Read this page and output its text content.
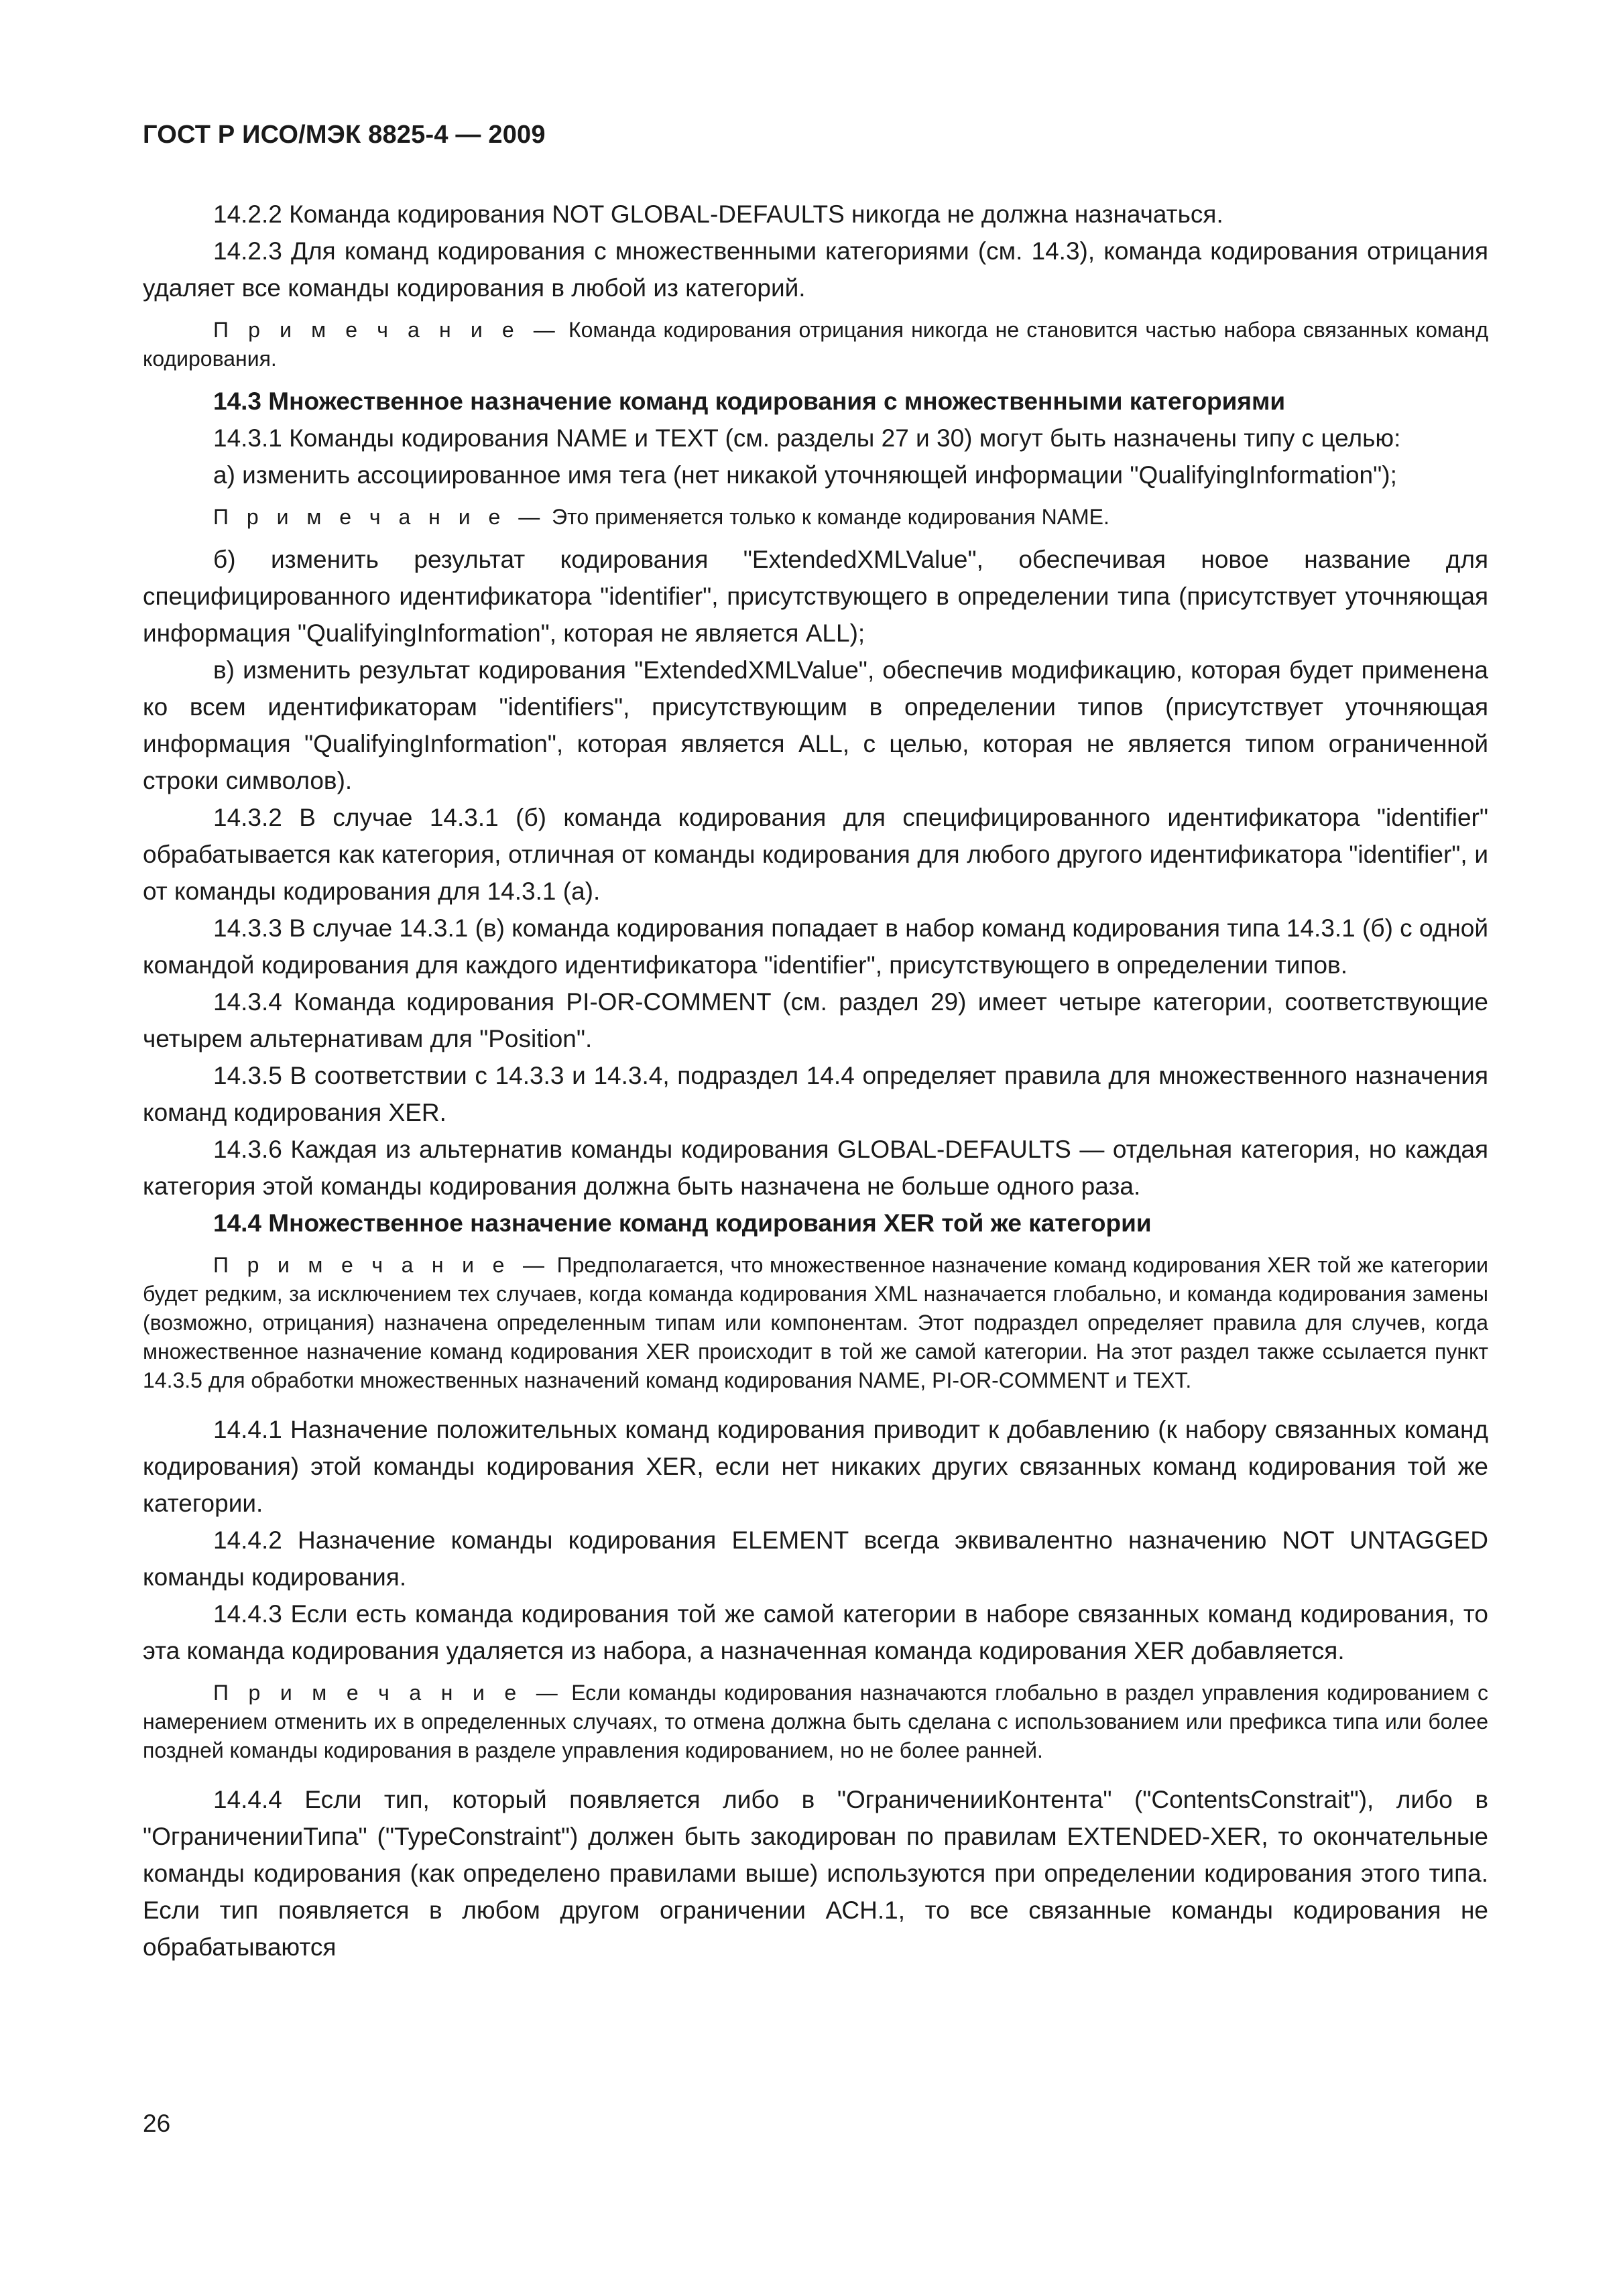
ГОСТ Р ИСО/МЭК 8825-4 — 2009

14.2.2 Команда кодирования NOT GLOBAL-DEFAULTS никогда не должна назначаться.

14.2.3 Для команд кодирования с множественными категориями (см. 14.3), команда кодирования отрицания удаляет все команды кодирования в любой из категорий.

П р и м е ч а н и е — Команда кодирования отрицания никогда не становится частью набора связанных команд кодирования.

14.3 Множественное назначение команд кодирования с множественными категориями

14.3.1 Команды кодирования NAME и TEXT (см. разделы 27 и 30) могут быть назначены типу с целью:

а) изменить ассоциированное имя тега (нет никакой уточняющей информации "QualifyingInformation");

П р и м е ч а н и е — Это применяется только к команде кодирования NAME.

б) изменить результат кодирования "ExtendedXMLValue", обеспечивая новое название для специфицированного идентификатора "identifier", присутствующего в определении типа (присутствует уточняющая информация "QualifyingInformation", которая не является ALL);

в) изменить результат кодирования "ExtendedXMLValue", обеспечив модификацию, которая будет применена ко всем идентификаторам "identifiers", присутствующим в определении типов (присутствует уточняющая информация "QualifyingInformation", которая является ALL, с целью, которая не является типом ограниченной строки символов).

14.3.2 В случае 14.3.1 (б) команда кодирования для специфицированного идентификатора "identifier" обрабатывается как категория, отличная от команды кодирования для любого другого идентификатора "identifier", и от команды кодирования для 14.3.1 (а).

14.3.3 В случае 14.3.1 (в) команда кодирования попадает в набор команд кодирования типа 14.3.1 (б) с одной командой кодирования для каждого идентификатора "identifier", присутствующего в определении типов.

14.3.4 Команда кодирования PI-OR-COMMENT (см. раздел 29) имеет четыре категории, соответствующие четырем альтернативам для "Position".

14.3.5 В соответствии с 14.3.3 и 14.3.4, подраздел 14.4 определяет правила для множественного назначения команд кодирования XER.

14.3.6 Каждая из альтернатив команды кодирования GLOBAL-DEFAULTS — отдельная категория, но каждая категория этой команды кодирования должна быть назначена не больше одного раза.

14.4 Множественное назначение команд кодирования XER той же категории

П р и м е ч а н и е — Предполагается, что множественное назначение команд кодирования XER той же категории будет редким, за исключением тех случаев, когда команда кодирования XML назначается глобально, и команда кодирования замены (возможно, отрицания) назначена определенным типам или компонентам. Этот подраздел определяет правила для случев, когда множественное назначение команд кодирования XER происходит в той же самой категории. На этот раздел также ссылается пункт 14.3.5 для обработки множественных назначений команд кодирования NAME, PI-OR-COMMENT и TEXT.

14.4.1 Назначение положительных команд кодирования приводит к добавлению (к набору связанных команд кодирования) этой команды кодирования XER, если нет никаких других связанных команд кодирования той же категории.

14.4.2 Назначение команды кодирования ELEMENT всегда эквивалентно назначению NOT UNTAGGED команды кодирования.

14.4.3 Если есть команда кодирования той же самой категории в наборе связанных команд кодирования, то эта команда кодирования удаляется из набора, а назначенная команда кодирования XER добавляется.

П р и м е ч а н и е — Если команды кодирования назначаются глобально в раздел управления кодированием с намерением отменить их в определенных случаях, то отмена должна быть сделана с использованием или префикса типа или более поздней команды кодирования в разделе управления кодированием, но не более ранней.

14.4.4 Если тип, который появляется либо в "ОграниченииКонтента" ("ContentsConstrait"), либо в "ОграниченииТипа" ("TypeConstraint") должен быть закодирован по правилам EXTENDED-XER, то окончательные команды кодирования (как определено правилами выше) используются при определении кодирования этого типа. Если тип появляется в любом другом ограничении АСН.1, то все связанные команды кодирования не обрабатываются

26
